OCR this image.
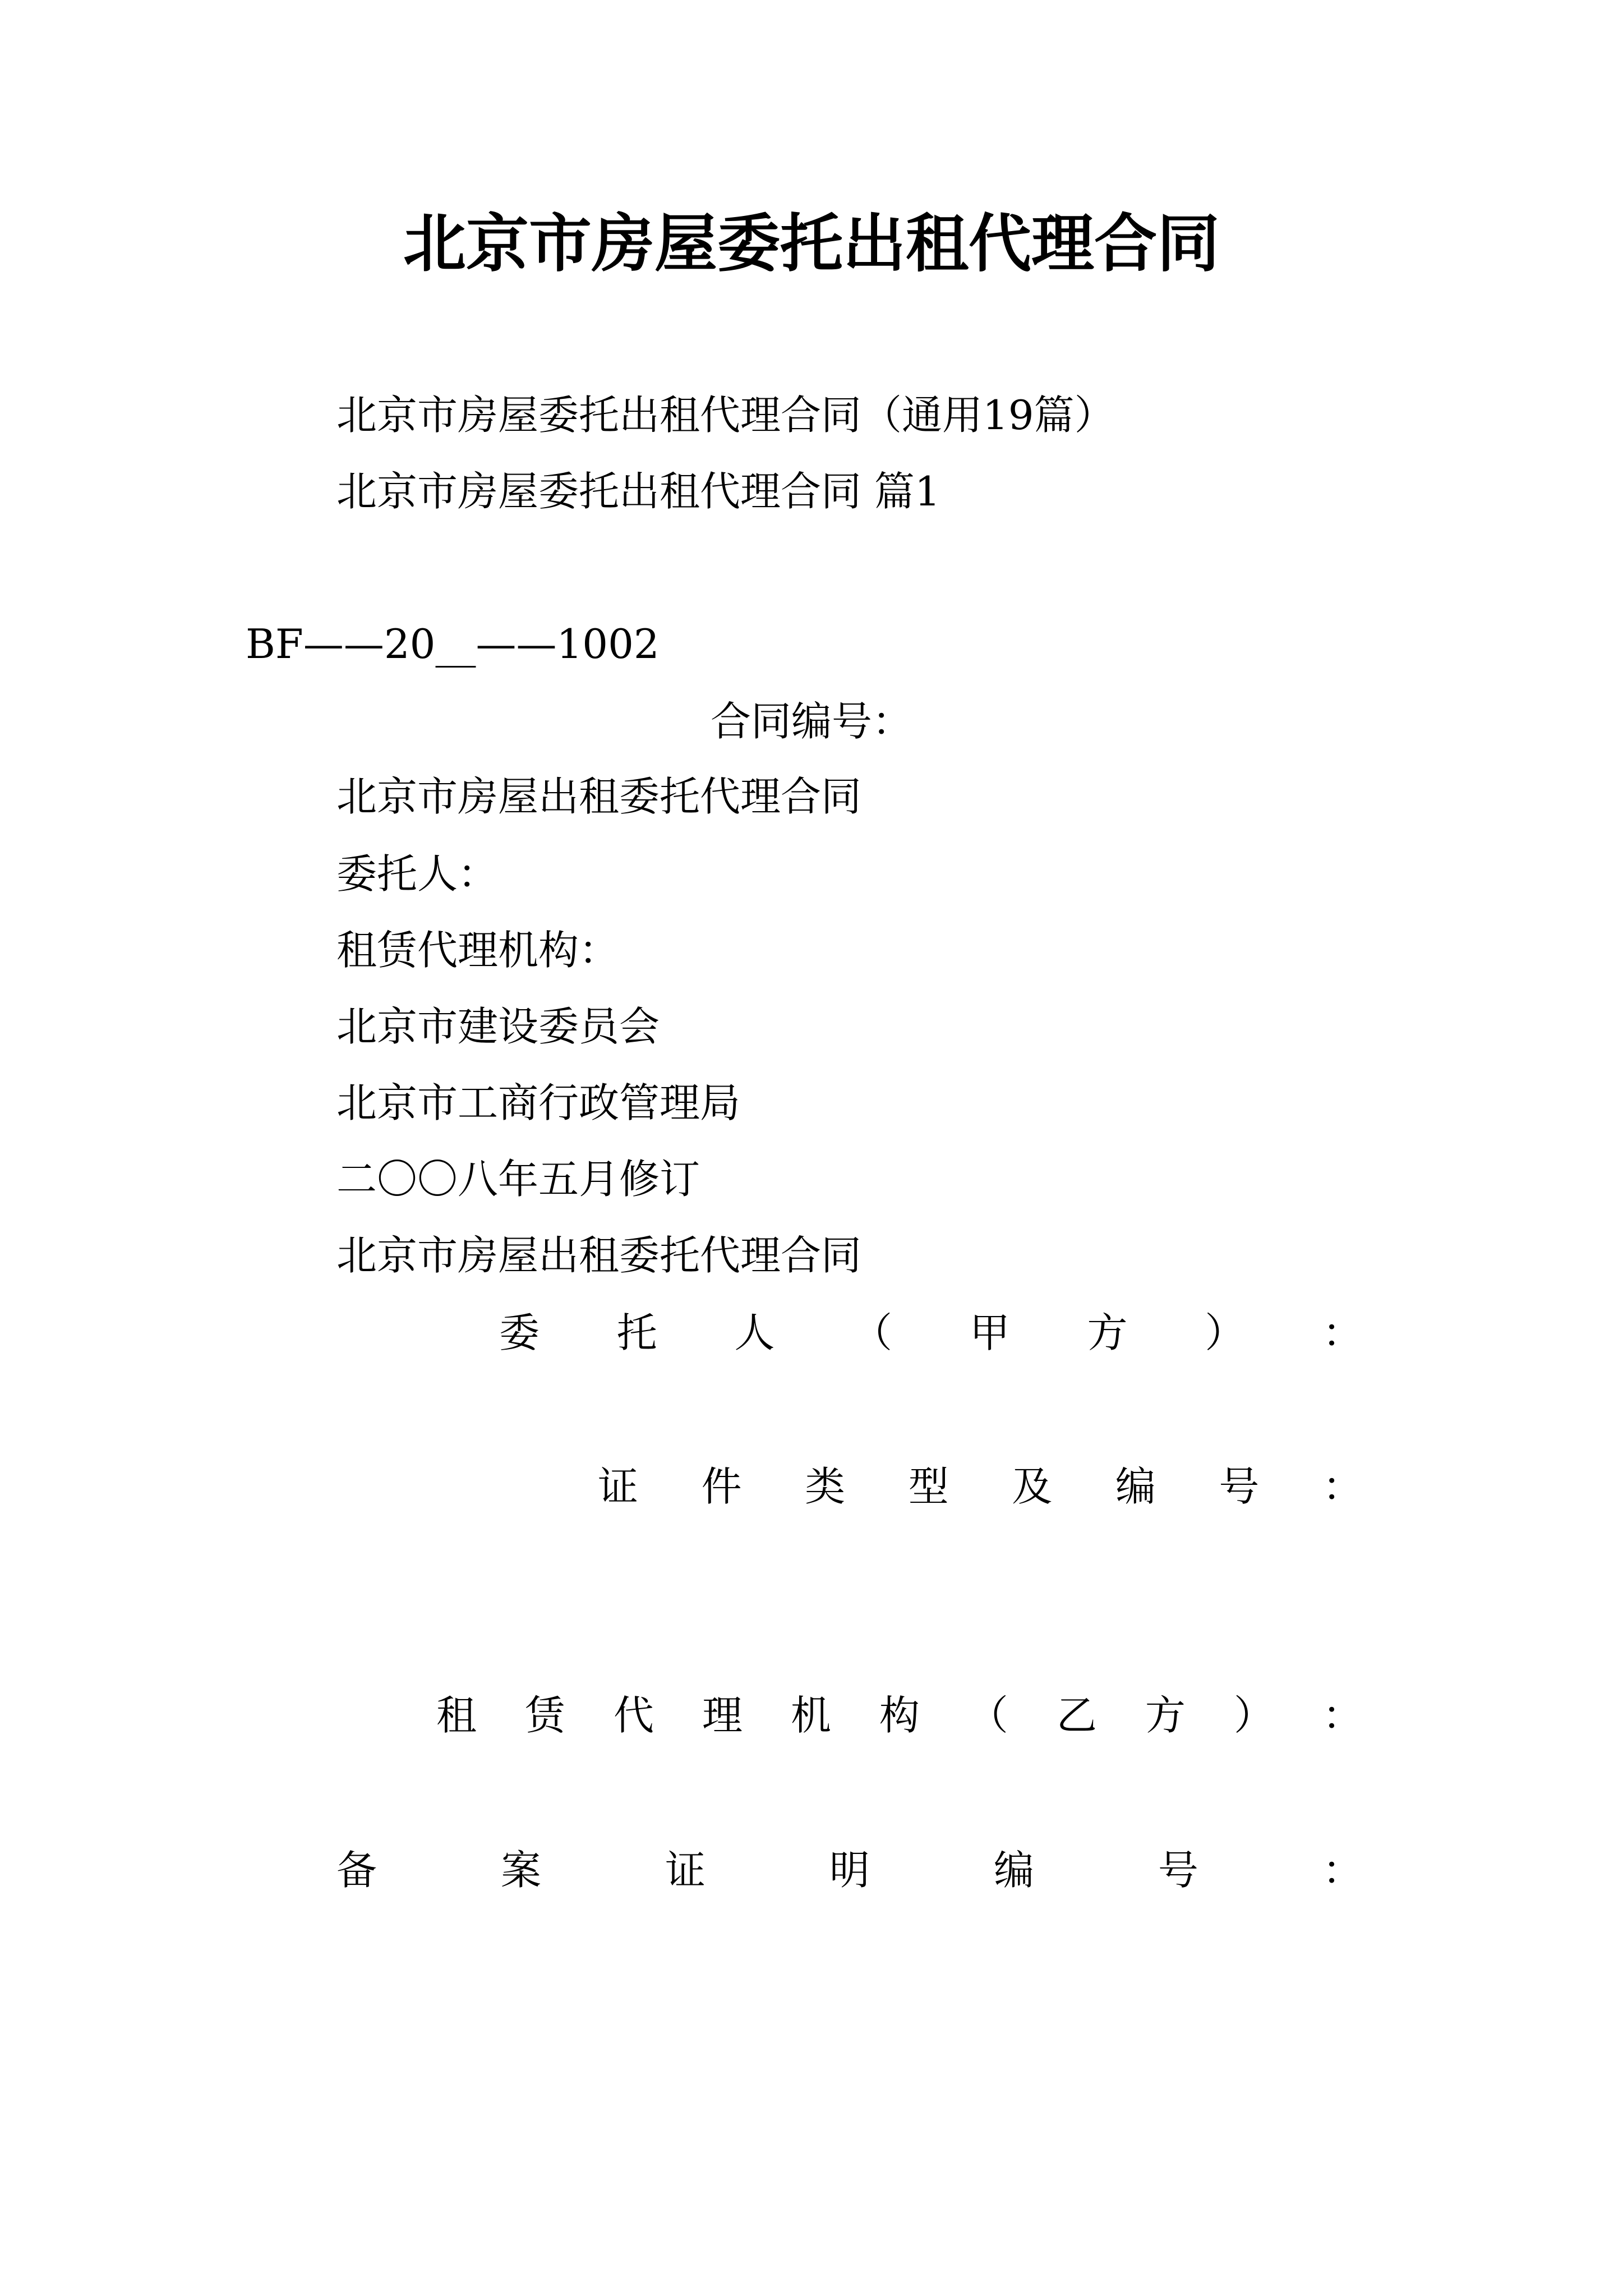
北京市房屋委托出租代理合同

北京市房屋委托出租代理合同（通用19篇）

北京市房屋委托出租代理合同 篇1

BF——20__——1002

合同编号：

北京市房屋出租委托代理合同

委托人：

租赁代理机构：

北京市建设委员会

北京市工商行政管理局

二〇〇八年五月修订

北京市房屋出租委托代理合同

委 托 人 （ 甲 方 ） ：
证 件 类 型 及 编 号 ：
租 赁 代 理 机 构 （ 乙 方 ） ：
备	案	证	明	编	号	：
